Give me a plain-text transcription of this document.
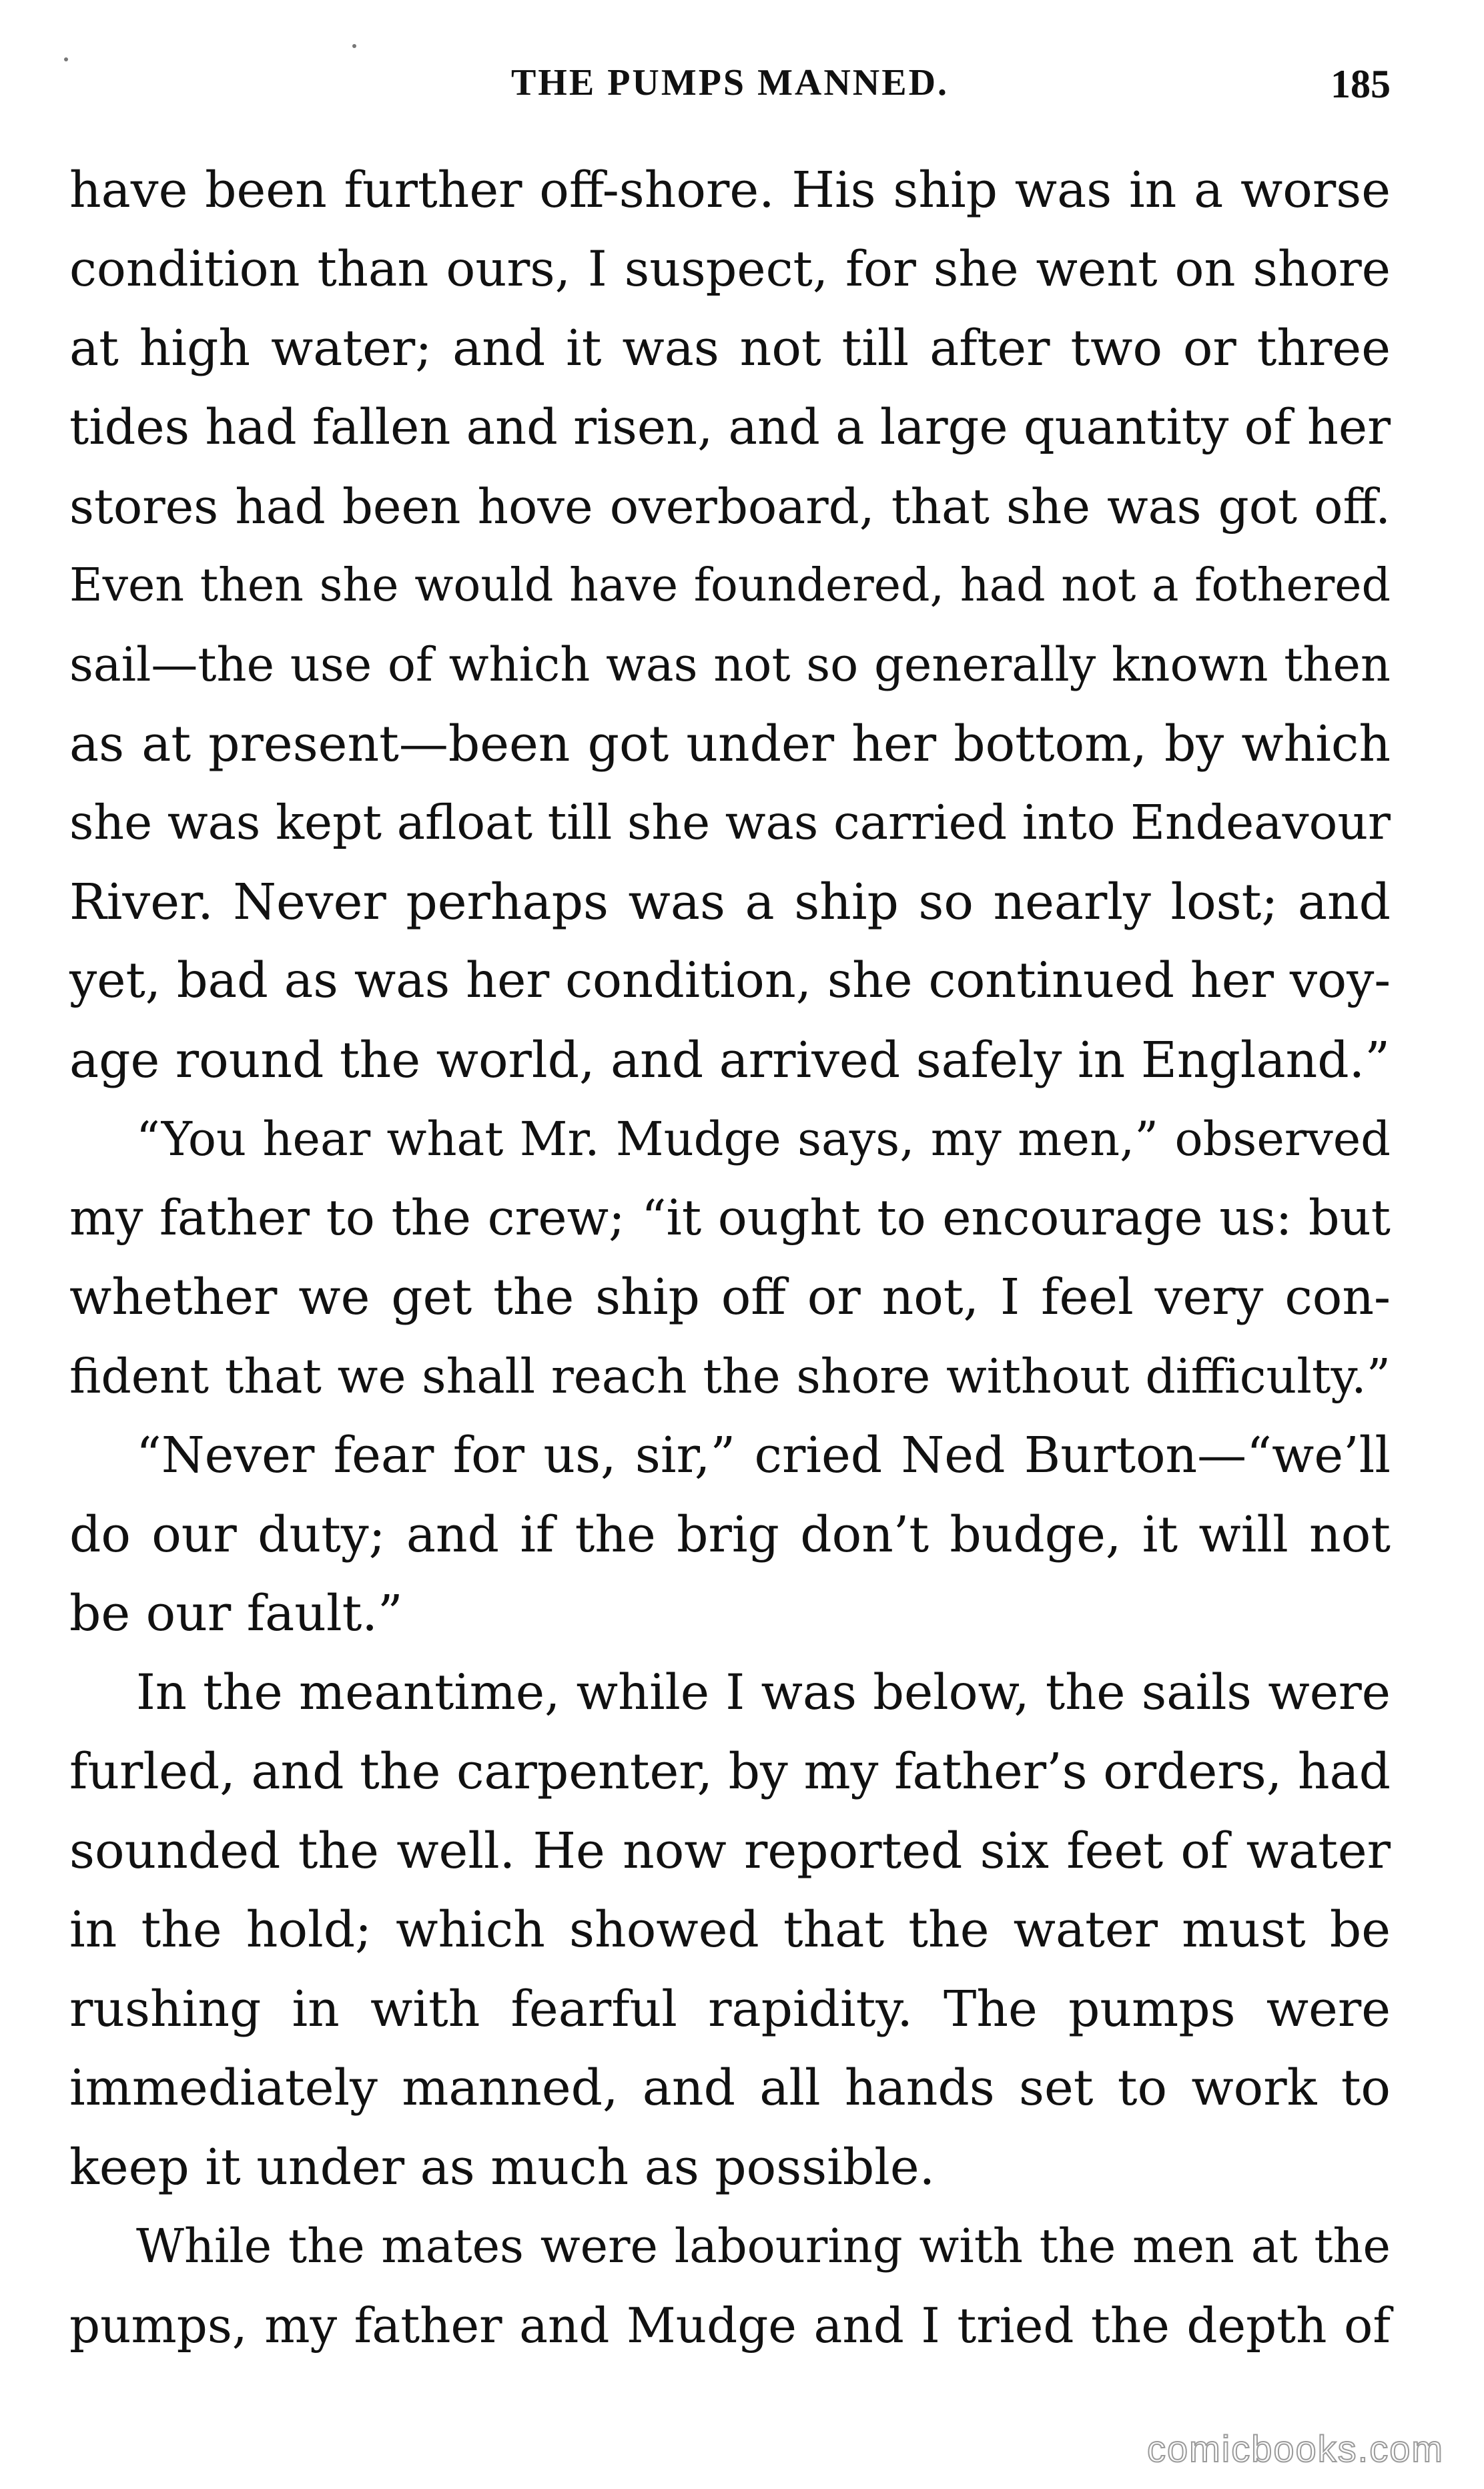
THE PUMPS MANNED.	185
have been further off-shore. His ship was in a worse
condition than ours, I suspect, for she went on shore
at high water; and it was not till after two or three
tides had fallen and risen, and a large quantity of her
stores had been hove overboard, that she was got off.
Even then she would have foundered, had not a fothered
sail—the use of which was not so generally known then
as at present—been got under her bottom, by which
she was kept afloat till she was carried into Endeavour
River. Never perhaps was a ship so nearly lost; and
yet, bad as was her condition, she continued her voy-
age round the world, and arrived safely in England.”
“You hear what Mr. Mudge says, my men,” observed
my father to the crew; “it ought to encourage us: but
whether we get the ship off or not, I feel very con-
fident that we shall reach the shore without difficulty.”
“Never fear for us, sir,” cried Ned Burton—“we’ll
do our duty; and if the brig don’t budge, it will not
be our fault.”
In the meantime, while I was below, the sails were
furled, and the carpenter, by my father’s orders, had
sounded the well. He now reported six feet of water
in the hold; which showed that the water must be
rushing in with fearful rapidity. The pumps were
immediately manned, and all hands set to work to
keep it under as much as possible.
While the mates were labouring with the men at the
pumps, my father and Mudge and I tried the depth of
comicbooks.com
